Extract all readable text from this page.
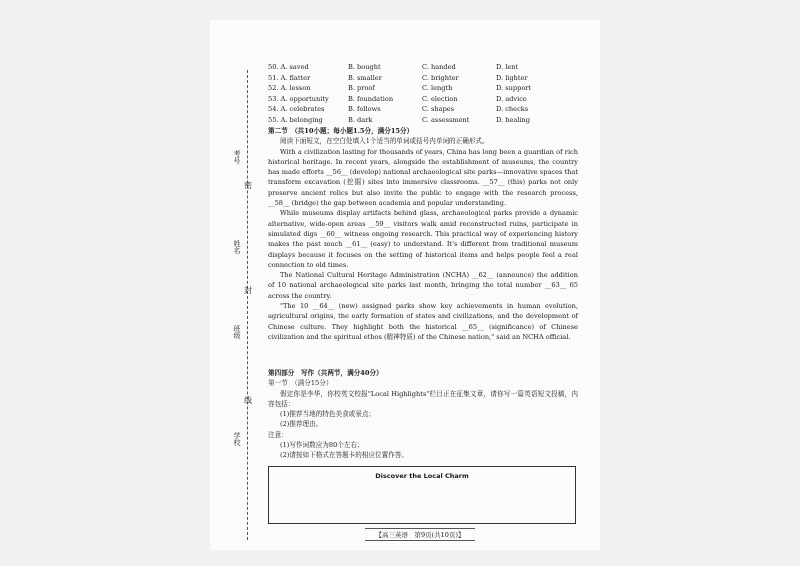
考号
密
姓名
封
班级
线
学校
50. A. saved	B. bought	C. handed	D. lent
51. A. flatter	B. smaller	C. brighter	D. lighter
52. A. lesson	B. proof	C. length	D. support
53. A. opportunity	B. foundation	C. election	D. advice
54. A. celebrates	B. follows	C. shapes	D. checks
55. A. belonging	B. dark	C. assessment	D. healing
第二节　（共10小题；每小题1.5分，满分15分）
阅读下面短文，在空白处填入1个适当的单词或括号内单词的正确形式。
With a civilization lasting for thousands of years, China has long been a guardian of rich historical heritage. In recent years, alongside the establishment of museums, the country has made efforts __56__ (develop) national archaeological site parks—innovative spaces that transform excavation (挖掘) sites into immersive classrooms. __57__ (this) parks not only preserve ancient relics but also invite the public to engage with the research process, __58__ (bridge) the gap between academia and popular understanding.
While museums display artifacts behind glass, archaeological parks provide a dynamic alternative, wide-open areas __59__ visitors walk amid reconstructed ruins, participate in simulated digs __60__ witness ongoing research. This practical way of experiencing history makes the past much __61__ (easy) to understand. It's different from traditional museum displays because it focuses on the setting of historical items and helps people feel a real connection to old times.
The National Cultural Heritage Administration (NCHA) __62__ (announce) the addition of 10 national archaeological site parks last month, bringing the total number __63__ 65 across the country.
"The 10 __64__ (new) assigned parks show key achievements in human evolution, agricultural origins, the early formation of states and civilizations, and the development of Chinese culture. They highlight both the historical __65__ (significance) of Chinese civilization and the spiritual ethos (精神特质) of the Chinese nation," said an NCHA official.
第四部分　写作（共两节，满分40分）
第一节　（满分15分）
假定你是李华，你校英文校报"Local Highlights"栏目正在征集文章，请你写一篇英语短文投稿，内容包括：
(1)推荐当地的特色美食或景点；
(2)推荐理由。
注意：
(1)写作词数应为80个左右；
(2)请按如下格式在答题卡的相应位置作答。
Discover the Local Charm
【高三英语　第9页(共10页)】
